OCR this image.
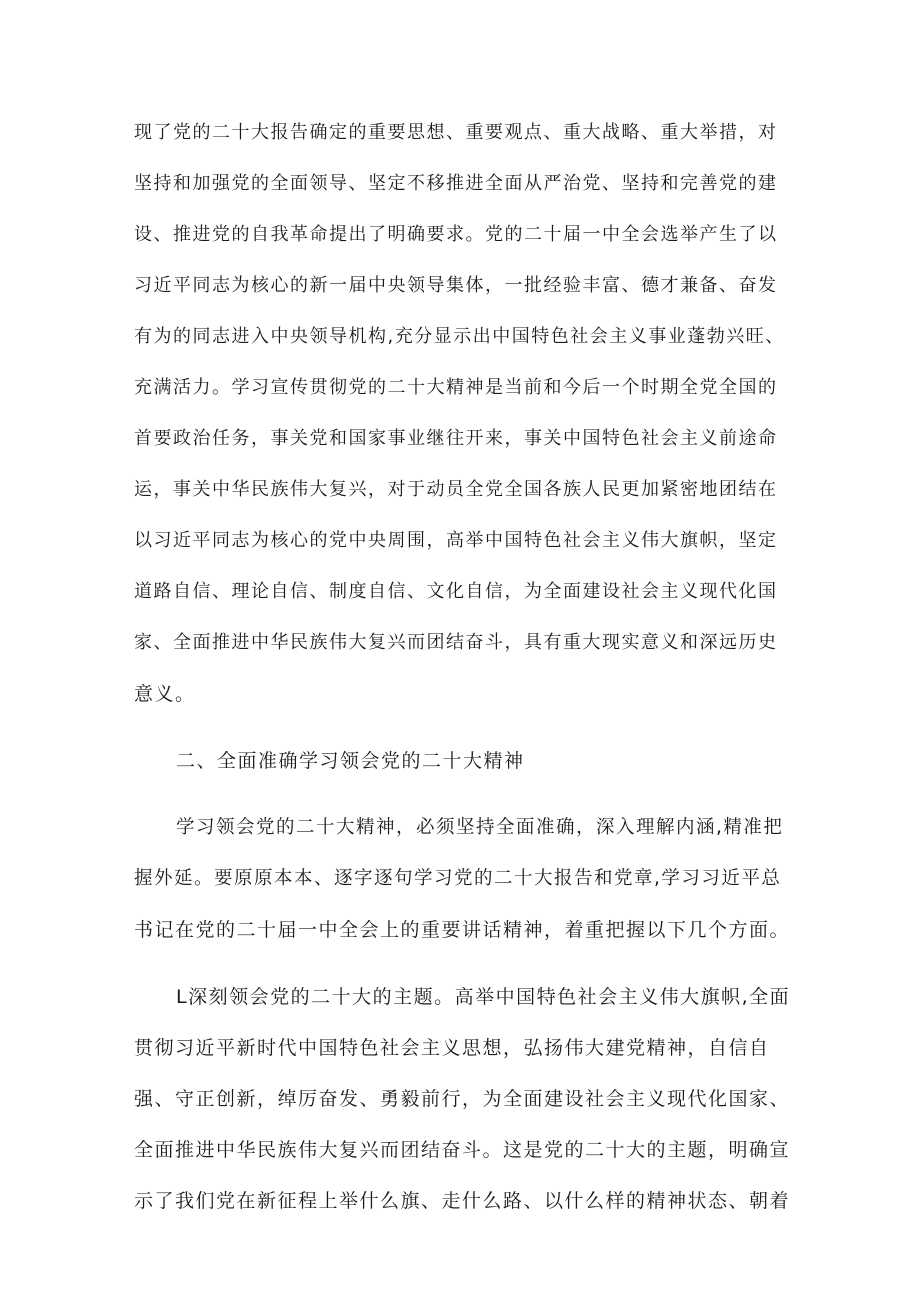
现了党的二十大报告确定的重要思想、重要观点、重大战略、重大举措，对
坚持和加强党的全面领导、坚定不移推进全面从严治党、坚持和完善党的建
设、推进党的自我革命提出了明确要求。党的二十届一中全会选举产生了以
习近平同志为核心的新一届中央领导集体，一批经验丰富、德才兼备、奋发
有为的同志进入中央领导机构,充分显示出中国特色社会主义事业蓬勃兴旺、
充满活力。学习宣传贯彻党的二十大精神是当前和今后一个时期全党全国的
首要政治任务，事关党和国家事业继往开来，事关中国特色社会主义前途命
运，事关中华民族伟大复兴，对于动员全党全国各族人民更加紧密地团结在
以习近平同志为核心的党中央周围，高举中国特色社会主义伟大旗帜，坚定
道路自信、理论自信、制度自信、文化自信，为全面建设社会主义现代化国
家、全面推进中华民族伟大复兴而团结奋斗，具有重大现实意义和深远历史
意义。
二、全面准确学习领会党的二十大精神
学习领会党的二十大精神，必须坚持全面准确，深入理解内涵,精准把
握外延。要原原本本、逐字逐句学习党的二十大报告和党章,学习习近平总
书记在党的二十届一中全会上的重要讲话精神，着重把握以下几个方面。
L深刻领会党的二十大的主题。高举中国特色社会主义伟大旗帜,全面
贯彻习近平新时代中国特色社会主义思想，弘扬伟大建党精神，自信自
强、守正创新，绰厉奋发、勇毅前行，为全面建设社会主义现代化国家、
全面推进中华民族伟大复兴而团结奋斗。这是党的二十大的主题，明确宣
示了我们党在新征程上举什么旗、走什么路、以什么样的精神状态、朝着
